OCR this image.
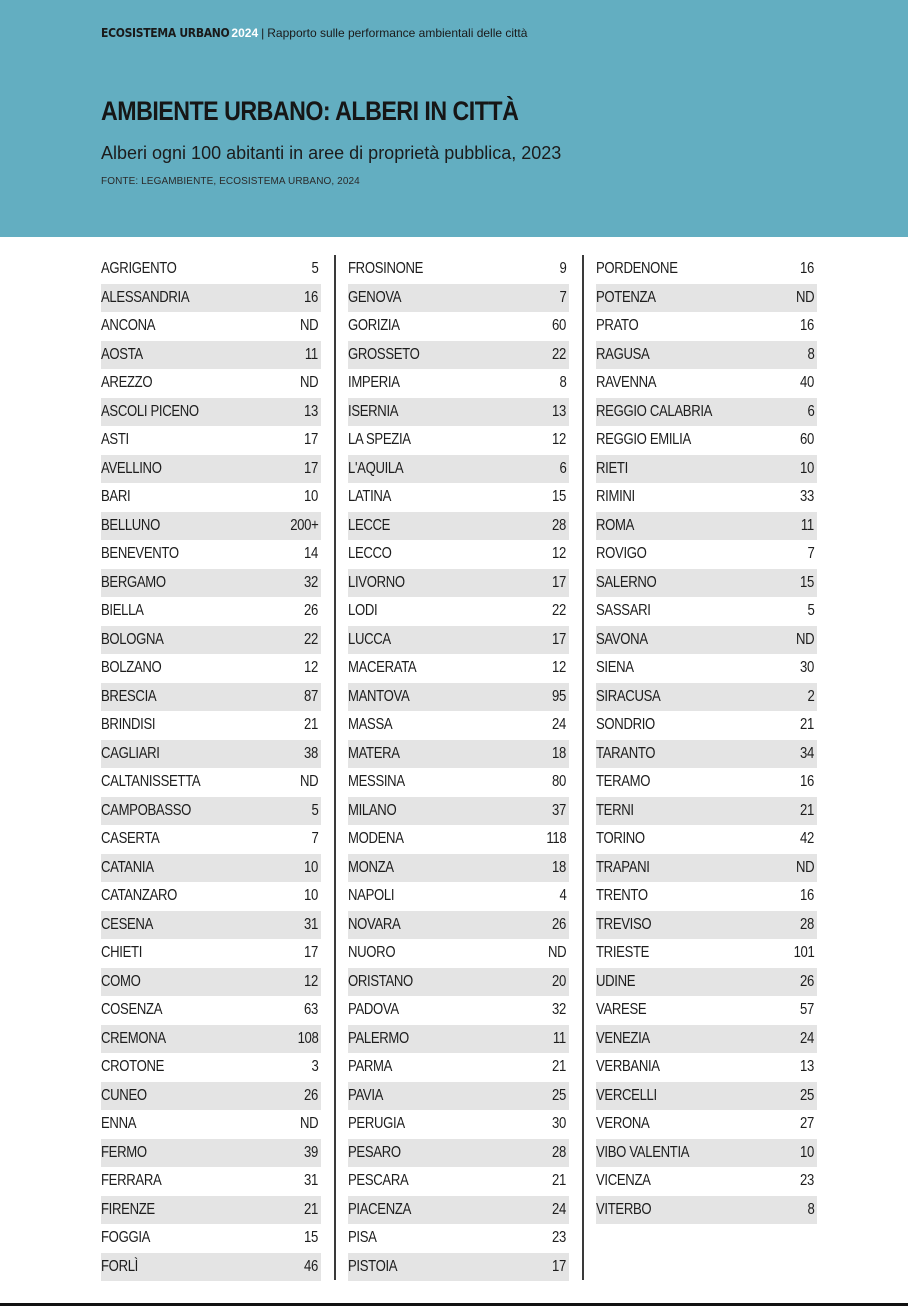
ECOSISTEMA URBANO 2024 | Rapporto sulle performance ambientali delle città
AMBIENTE URBANO: ALBERI IN CITTÀ
Alberi ogni 100 abitanti in aree di proprietà pubblica, 2023
FONTE: LEGAMBIENTE, ECOSISTEMA URBANO, 2024
AGRIGENTO	5
ALESSANDRIA	16
ANCONA	ND
AOSTA	11
AREZZO	ND
ASCOLI PICENO	13
ASTI	17
AVELLINO	17
BARI	10
BELLUNO	200+
BENEVENTO	14
BERGAMO	32
BIELLA	26
BOLOGNA	22
BOLZANO	12
BRESCIA	87
BRINDISI	21
CAGLIARI	38
CALTANISSETTA	ND
CAMPOBASSO	5
CASERTA	7
CATANIA	10
CATANZARO	10
CESENA	31
CHIETI	17
COMO	12
COSENZA	63
CREMONA	108
CROTONE	3
CUNEO	26
ENNA	ND
FERMO	39
FERRARA	31
FIRENZE	21
FOGGIA	15
FORLÌ	46
FROSINONE	9
GENOVA	7
GORIZIA	60
GROSSETO	22
IMPERIA	8
ISERNIA	13
LA SPEZIA	12
L'AQUILA	6
LATINA	15
LECCE	28
LECCO	12
LIVORNO	17
LODI	22
LUCCA	17
MACERATA	12
MANTOVA	95
MASSA	24
MATERA	18
MESSINA	80
MILANO	37
MODENA	118
MONZA	18
NAPOLI	4
NOVARA	26
NUORO	ND
ORISTANO	20
PADOVA	32
PALERMO	11
PARMA	21
PAVIA	25
PERUGIA	30
PESARO	28
PESCARA	21
PIACENZA	24
PISA	23
PISTOIA	17
PORDENONE	16
POTENZA	ND
PRATO	16
RAGUSA	8
RAVENNA	40
REGGIO CALABRIA	6
REGGIO EMILIA	60
RIETI	10
RIMINI	33
ROMA	11
ROVIGO	7
SALERNO	15
SASSARI	5
SAVONA	ND
SIENA	30
SIRACUSA	2
SONDRIO	21
TARANTO	34
TERAMO	16
TERNI	21
TORINO	42
TRAPANI	ND
TRENTO	16
TREVISO	28
TRIESTE	101
UDINE	26
VARESE	57
VENEZIA	24
VERBANIA	13
VERCELLI	25
VERONA	27
VIBO VALENTIA	10
VICENZA	23
VITERBO	8
